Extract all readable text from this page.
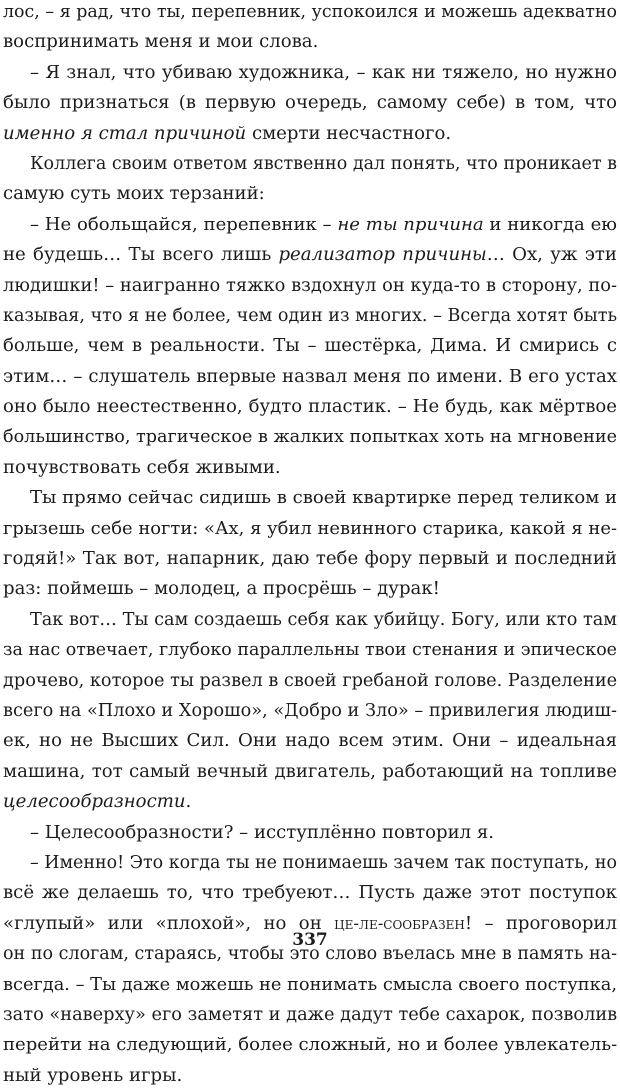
лос, – я рад, что ты, перепевник, успокоился и можешь адекватно
воспринимать меня и мои слова.
– Я знал, что убиваю художника, – как ни тяжело, но нужно
было признаться (в первую очередь, самому себе) в том, что
именно я стал причиной смерти несчастного.
Коллега своим ответом явственно дал понять, что проникает в
самую суть моих терзаний:
– Не обольщайся, перепевник – не ты причина и никогда ею
не будешь… Ты всего лишь реализатор причины… Ох, уж эти
людишки! – наигранно тяжко вздохнул он куда-то в сторону, по-
казывая, что я не более, чем один из многих. – Всегда хотят быть
больше, чем в реальности. Ты – шестёрка, Дима. И смирись с
этим… – слушатель впервые назвал меня по имени. В его устах
оно было неестественно, будто пластик. – Не будь, как мёртвое
большинство, трагическое в жалких попытках хоть на мгновение
почувствовать себя живыми.
Ты прямо сейчас сидишь в своей квартирке перед теликом и
грызешь себе ногти: «Ах, я убил невинного старика, какой я не-
годяй!» Так вот, напарник, даю тебе фору первый и последний
раз: поймешь – молодец, а просрёшь – дурак!
Так вот… Ты сам создаешь себя как убийцу. Богу, или кто там
за нас отвечает, глубоко параллельны твои стенания и эпическое
дрочево, которое ты развел в своей гребаной голове. Разделение
всего на «Плохо и Хорошо», «Добро и Зло» – привилегия людиш-
ек, но не Высших Сил. Они надо всем этим. Они – идеальная
машина, тот самый вечный двигатель, работающий на топливе
целесообразности.
– Целесообразности? – исступлённо повторил я.
– Именно! Это когда ты не понимаешь зачем так поступать, но
всё же делаешь то, что требуеют… Пусть даже этот поступок
«глупый» или «плохой», но он це-ле-сообразен! – проговорил
он по слогам, стараясь, чтобы это слово въелась мне в память на-
всегда. – Ты даже можешь не понимать смысла своего поступка,
зато «наверху» его заметят и даже дадут тебе сахарок, позволив
перейти на следующий, более сложный, но и более увлекатель-
ный уровень игры.
337
